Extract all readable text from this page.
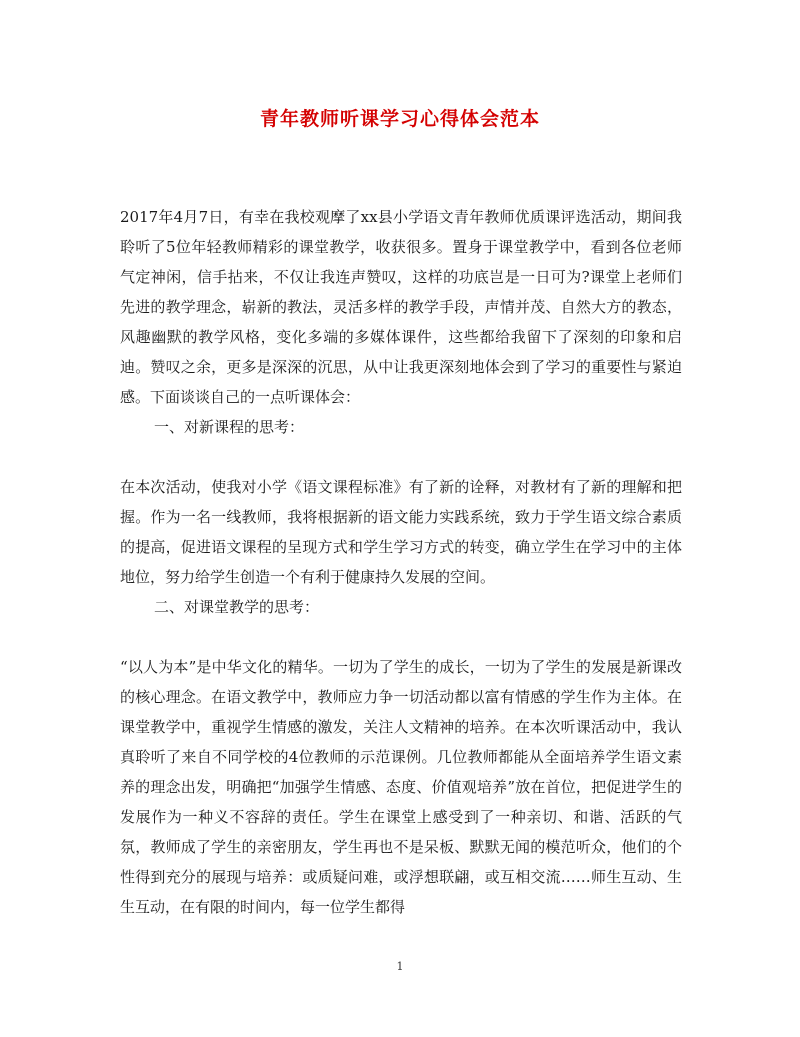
青年教师听课学习心得体会范本

2017年4月7日，有幸在我校观摩了xx县小学语文青年教师优质课评选活动，期间我聆听了5位年轻教师精彩的课堂教学，收获很多。置身于课堂教学中，看到各位老师气定神闲，信手拈来，不仅让我连声赞叹，这样的功底岂是一日可为?课堂上老师们先进的教学理念，崭新的教法，灵活多样的教学手段，声情并茂、自然大方的教态，风趣幽默的教学风格，变化多端的多媒体课件，这些都给我留下了深刻的印象和启迪。赞叹之余，更多是深深的沉思，从中让我更深刻地体会到了学习的重要性与紧迫感。下面谈谈自己的一点听课体会：

一、对新课程的思考：

在本次活动，使我对小学《语文课程标准》有了新的诠释，对教材有了新的理解和把握。作为一名一线教师，我将根据新的语文能力实践系统，致力于学生语文综合素质的提高，促进语文课程的呈现方式和学生学习方式的转变，确立学生在学习中的主体地位，努力给学生创造一个有利于健康持久发展的空间。

二、对课堂教学的思考：

“以人为本”是中华文化的精华。一切为了学生的成长，一切为了学生的发展是新课改的核心理念。在语文教学中，教师应力争一切活动都以富有情感的学生作为主体。在课堂教学中，重视学生情感的激发，关注人文精神的培养。在本次听课活动中，我认真聆听了来自不同学校的4位教师的示范课例。几位教师都能从全面培养学生语文素养的理念出发，明确把“加强学生情感、态度、价值观培养”放在首位，把促进学生的发展作为一种义不容辞的责任。学生在课堂上感受到了一种亲切、和谐、活跃的气氛，教师成了学生的亲密朋友，学生再也不是呆板、默默无闻的模范听众，他们的个性得到充分的展现与培养：或质疑问难，或浮想联翩，或互相交流……师生互动、生生互动，在有限的时间内，每一位学生都得

1
